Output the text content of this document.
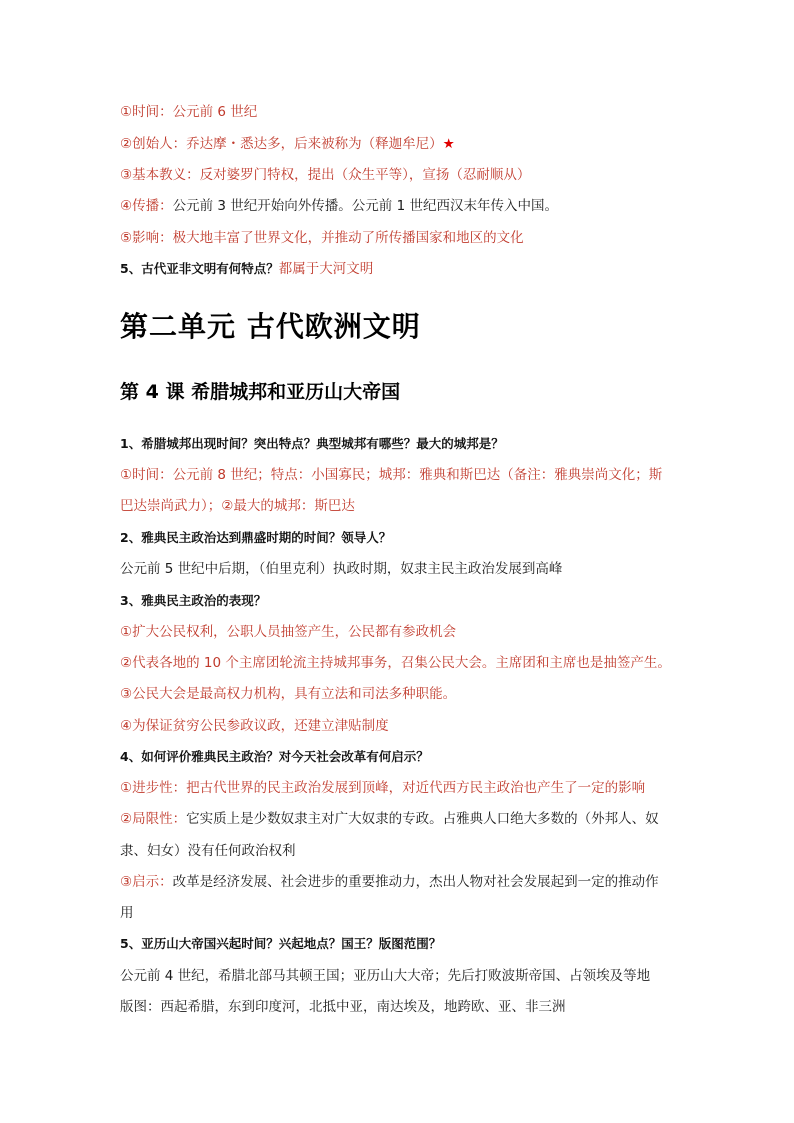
①时间：公元前 6 世纪
②创始人：乔达摩・悉达多，后来被称为（释迦牟尼）★
③基本教义：反对婆罗门特权，提出（众生平等），宣扬（忍耐顺从）
④传播：公元前 3 世纪开始向外传播。公元前 1 世纪西汉末年传入中国。
⑤影响：极大地丰富了世界文化，并推动了所传播国家和地区的文化
5、古代亚非文明有何特点？都属于大河文明
第二单元 古代欧洲文明
第 4 课 希腊城邦和亚历山大帝国
1、希腊城邦出现时间？突出特点？典型城邦有哪些？最大的城邦是？
①时间：公元前 8 世纪；特点：小国寡民；城邦：雅典和斯巴达（备注：雅典崇尚文化；斯
巴达崇尚武力）；②最大的城邦：斯巴达
2、雅典民主政治达到鼎盛时期的时间？领导人？
公元前 5 世纪中后期，（伯里克利）执政时期，奴隶主民主政治发展到高峰
3、雅典民主政治的表现？
①扩大公民权利，公职人员抽签产生，公民都有参政机会
②代表各地的 10 个主席团轮流主持城邦事务，召集公民大会。主席团和主席也是抽签产生。
③公民大会是最高权力机构，具有立法和司法多种职能。
④为保证贫穷公民参政议政，还建立津贴制度
4、如何评价雅典民主政治？对今天社会改革有何启示？
①进步性：把古代世界的民主政治发展到顶峰，对近代西方民主政治也产生了一定的影响
②局限性：它实质上是少数奴隶主对广大奴隶的专政。占雅典人口绝大多数的（外邦人、奴
隶、妇女）没有任何政治权利
③启示：改革是经济发展、社会进步的重要推动力，杰出人物对社会发展起到一定的推动作
用
5、亚历山大帝国兴起时间？兴起地点？国王？版图范围？
公元前 4 世纪，希腊北部马其顿王国；亚历山大大帝；先后打败波斯帝国、占领埃及等地
版图：西起希腊，东到印度河，北抵中亚，南达埃及，地跨欧、亚、非三洲
